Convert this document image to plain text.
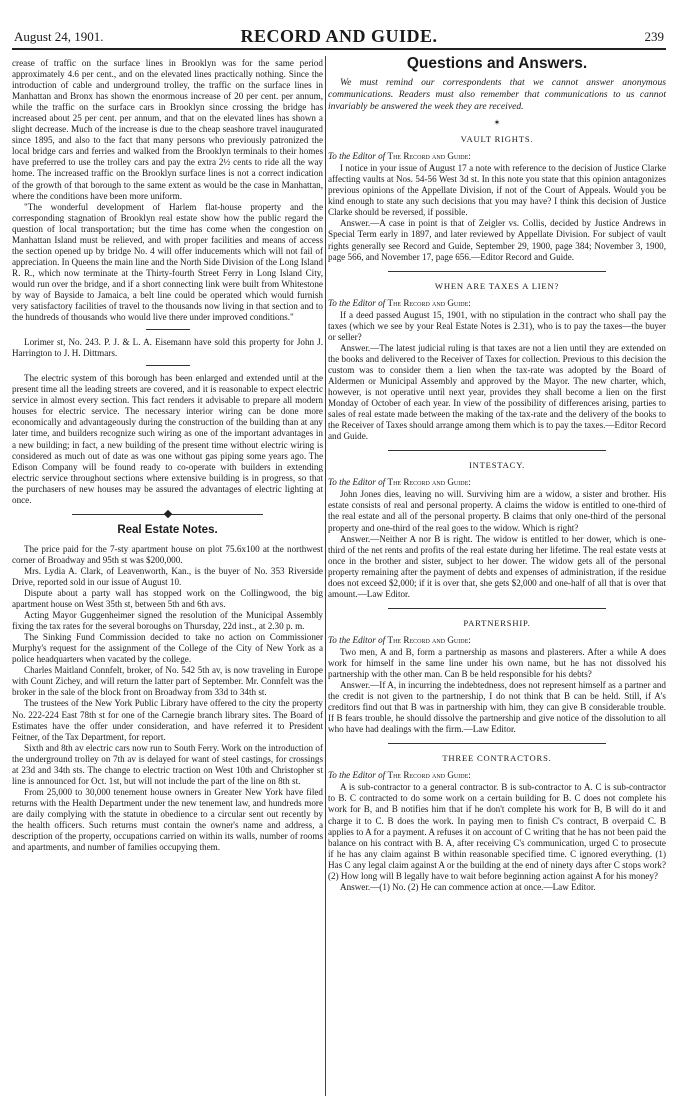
August 24, 1901.	RECORD AND GUIDE.	239

crease of traffic on the surface lines in Brooklyn was for the same period approximately 4.6 per cent., and on the elevated lines practically nothing. Since the introduction of cable and underground trolley, the traffic on the surface lines in Manhattan and Bronx has shown the enormous increase of 20 per cent. per annum, while the traffic on the surface cars in Brooklyn since crossing the bridge has increased about 25 per cent. per annum, and that on the elevated lines has shown a slight decrease. Much of the increase is due to the cheap seashore travel inaugurated since 1895, and also to the fact that many persons who previously patronized the local bridge cars and ferries and walked from the Brooklyn terminals to their homes have preferred to use the trolley cars and pay the extra 2½ cents to ride all the way home. The increased traffic on the Brooklyn surface lines is not a correct indication of the growth of that borough to the same extent as would be the case in Manhattan, where the conditions have been more uniform.

"The wonderful development of Harlem flat-house property and the corresponding stagnation of Brooklyn real estate show how the public regard the question of local transportation; but the time has come when the congestion on Manhattan Island must be relieved, and with proper facilities and means of access the section opened up by bridge No. 4 will offer inducements which will not fail of appreciation. In Queens the main line and the North Side Division of the Long Island R. R., which now terminate at the Thirty-fourth Street Ferry in Long Island City, would run over the bridge, and if a short connecting link were built from Whitestone by way of Bayside to Jamaica, a belt line could be operated which would furnish very satisfactory facilities of travel to the thousands now living in that section and to the hundreds of thousands who would live there under improved conditions."

Lorimer st, No. 243. P. J. & L. A. Eisemann have sold this property for John J. Harrington to J. H. Dittmars.

The electric system of this borough has been enlarged and extended until at the present time all the leading streets are covered, and it is reasonable to expect electric service in almost every section. This fact renders it advisable to prepare all modern houses for electric service. The necessary interior wiring can be done more economically and advantageously during the construction of the building than at any later time, and builders recognize such wiring as one of the important advantages in a new building; in fact, a new building of the present time without electric wiring is considered as much out of date as was one without gas piping some years ago. The Edison Company will be found ready to co-operate with builders in extending electric service throughout sections where extensive building is in progress, so that the purchasers of new houses may be assured the advantages of electric lighting at once.

Real Estate Notes.

The price paid for the 7-sty apartment house on plot 75.6x100 at the northwest corner of Broadway and 95th st was $200,000.

Mrs. Lydia A. Clark, of Leavenworth, Kan., is the buyer of No. 353 Riverside Drive, reported sold in our issue of August 10.

Dispute about a party wall has stopped work on the Collingwood, the big apartment house on West 35th st, between 5th and 6th avs.

Acting Mayor Guggenheimer signed the resolution of the Municipal Assembly fixing the tax rates for the several boroughs on Thursday, 22d inst., at 2.30 p. m.

The Sinking Fund Commission decided to take no action on Commissioner Murphy's request for the assignment of the College of the City of New York as a police headquarters when vacated by the college.

Charles Maitland Connfelt, broker, of No. 542 5th av, is now traveling in Europe with Count Zichey, and will return the latter part of September. Mr. Connfelt was the broker in the sale of the block front on Broadway from 33d to 34th st.

The trustees of the New York Public Library have offered to the city the property No. 222-224 East 78th st for one of the Carnegie branch library sites. The Board of Estimates have the offer under consideration, and have referred it to President Feitner, of the Tax Department, for report.

Sixth and 8th av electric cars now run to South Ferry. Work on the introduction of the underground trolley on 7th av is delayed for want of steel castings, for crossings at 23d and 34th sts. The change to electric traction on West 10th and Christopher st line is announced for Oct. 1st, but will not include the part of the line on 8th st.

From 25,000 to 30,000 tenement house owners in Greater New York have filed returns with the Health Department under the new tenement law, and hundreds more are daily complying with the statute in obedience to a circular sent out recently by the health officers. Such returns must contain the owner's name and address, a description of the property, occupations carried on within its walls, number of rooms and apartments, and number of families occupying them.

Questions and Answers.
We must remind our correspondents that we cannot answer anonymous communications. Readers must also remember that communications to us cannot invariably be answered the week they are received.
✶
VAULT RIGHTS.

To the Editor of The Record and Guide:

I notice in your issue of August 17 a note with reference to the decision of Justice Clarke affecting vaults at Nos. 54-56 West 3d st. In this note you state that this opinion antagonizes previous opinions of the Appellate Division, if not of the Court of Appeals. Would you be kind enough to state any such decisions that you may have? I think this decision of Justice Clarke should be reversed, if possible.

Answer.—A case in point is that of Zeigler vs. Collis, decided by Justice Andrews in Special Term early in 1897, and later reviewed by Appellate Division. For subject of vault rights generally see Record and Guide, September 29, 1900, page 384; November 3, 1900, page 566, and November 17, page 656.—Editor Record and Guide.

WHEN ARE TAXES A LIEN?

To the Editor of The Record and Guide:

If a deed passed August 15, 1901, with no stipulation in the contract who shall pay the taxes (which we see by your Real Estate Notes is 2.31), who is to pay the taxes—the buyer or seller?

Answer.—The latest judicial ruling is that taxes are not a lien until they are extended on the books and delivered to the Receiver of Taxes for collection. Previous to this decision the custom was to consider them a lien when the tax-rate was adopted by the Board of Aldermen or Municipal Assembly and approved by the Mayor. The new charter, which, however, is not operative until next year, provides they shall become a lien on the first Monday of October of each year. In view of the possibility of differences arising, parties to sales of real estate made between the making of the tax-rate and the delivery of the books to the Receiver of Taxes should arrange among them which is to pay the taxes.—Editor Record and Guide.

INTESTACY.

To the Editor of The Record and Guide:

John Jones dies, leaving no will. Surviving him are a widow, a sister and brother. His estate consists of real and personal property. A claims the widow is entitled to one-third of the real estate and all of the personal property. B claims that only one-third of the personal property and one-third of the real goes to the widow. Which is right?

Answer.—Neither A nor B is right. The widow is entitled to her dower, which is one-third of the net rents and profits of the real estate during her lifetime. The real estate vests at once in the brother and sister, subject to her dower. The widow gets all of the personal property remaining after the payment of debts and expenses of administration, if the residue does not exceed $2,000; if it is over that, she gets $2,000 and one-half of all that is over that amount.—Law Editor.

PARTNERSHIP.

To the Editor of The Record and Guide:

Two men, A and B, form a partnership as masons and plasterers. After a while A does work for himself in the same line under his own name, but he has not dissolved his partnership with the other man. Can B be held responsible for his debts?

Answer.—If A, in incurring the indebtedness, does not represent himself as a partner and the credit is not given to the partnership, I do not think that B can be held. Still, if A's creditors find out that B was in partnership with him, they can give B considerable trouble. If B fears trouble, he should dissolve the partnership and give notice of the dissolution to all who have had dealings with the firm.—Law Editor.

THREE CONTRACTORS.

To the Editor of The Record and Guide:

A is sub-contractor to a general contractor. B is sub-contractor to A. C is sub-contractor to B. C contracted to do some work on a certain building for B. C does not complete his work for B, and B notifies him that if he don't complete his work for B, B will do it and charge it to C. B does the work. In paying men to finish C's contract, B overpaid C. B applies to A for a payment. A refuses it on account of C writing that he has not been paid the balance on his contract with B. A, after receiving C's communication, urged C to prosecute if he has any claim against B within reasonable specified time. C ignored everything. (1) Has C any legal claim against A or the building at the end of ninety days after C stops work? (2) How long will B legally have to wait before beginning action against A for his money?

Answer.—(1) No. (2) He can commence action at once.—Law Editor.
